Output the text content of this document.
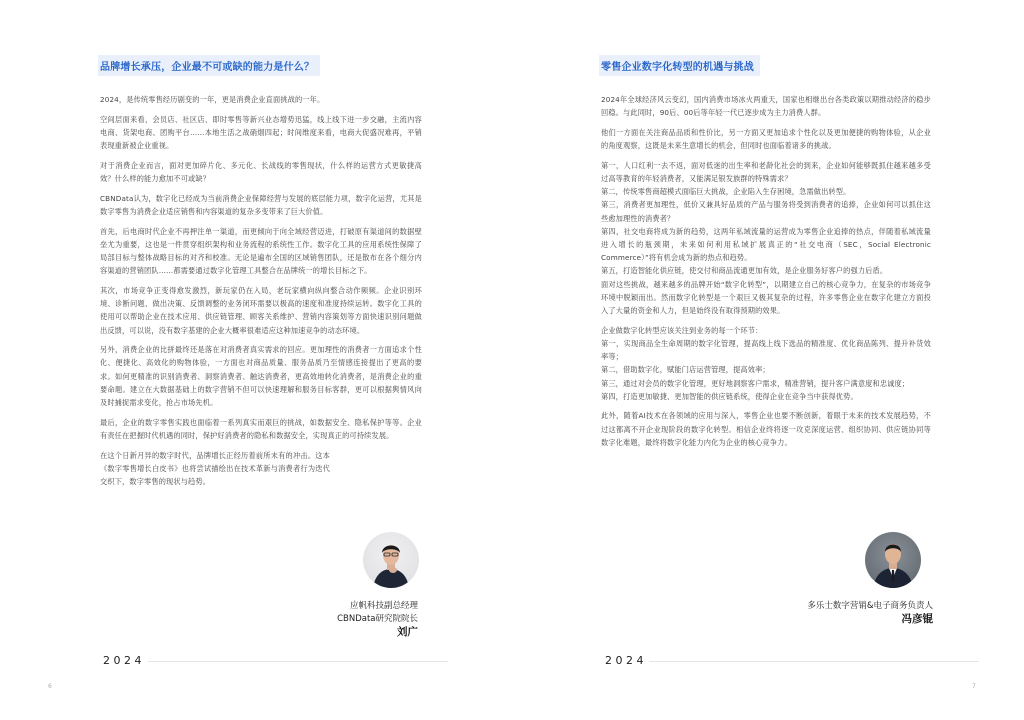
品牌增长承压，企业最不可或缺的能力是什么？

2024，是传统零售经历剧变的一年，更是消费企业直面挑战的一年。

空间层面来看，会员店、社区店、即时零售等新兴业态增势迅猛，线上线下进一步交融，主流内容电商、货架电商、团购平台……本地生活之战硝烟四起；时间维度来看，电商大促盛况难再，平销表现重新被企业重视。

对于消费企业而言，面对更加碎片化、多元化、长战线的零售现状，什么样的运营方式更敏捷高效？什么样的能力愈加不可或缺？

CBNData认为，数字化已经成为当前消费企业保障经营与发展的底层能力项，数字化运营，尤其是数字零售为消费企业适应销售和内容渠道的复杂多变带来了巨大价值。

首先，后电商时代企业不再押注单一渠道，而更倾向于向全域经营迈进，打破原有渠道间的数据壁垒尤为重要，这也是一件贯穿组织架构和业务流程的系统性工作。数字化工具的应用系统性保障了局部目标与整体战略目标的对齐和校准。无论是遍布全国的区域销售团队，还是散布在各个细分内容渠道的营销团队……都需要通过数字化管理工具整合在品牌统一的增长目标之下。

其次，市场竞争正变得愈发激烈，新玩家仍在入局，老玩家横向纵向整合动作频频。企业识别环境、诊断问题、做出决策、反馈调整的业务闭环需要以极高的速度和准度持续运转。数字化工具的使用可以帮助企业在技术应用、供应链管理、顾客关系维护、营销内容策划等方面快速识别问题做出反馈，可以说，没有数字基建的企业大概率很难适应这种加速竞争的动态环境。

另外，消费企业的比拼最终还是落在对消费者真实需求的回应。更加理性的消费者一方面追求个性化、便捷化、高效化的购物体验，一方面也对商品质量、服务品质乃至情感连接提出了更高的要求。如何更精准的识别消费者、洞察消费者、触达消费者，更高效地转化消费者，是消费企业的重要命题。建立在大数据基础上的数字营销不但可以快速理解和服务目标客群，更可以根据舆情风向及时捕捉需求变化，抢占市场先机。

最后，企业的数字零售实践也面临着一系列真实而艰巨的挑战，如数据安全、隐私保护等等。企业有责任在把握时代机遇的同时，保护好消费者的隐私和数据安全，实现真正的可持续发展。

在这个日新月异的数字时代，品牌增长正经历着前所未有的冲击。这本《数字零售增长白皮书》也将尝试描绘出在技术革新与消费者行为迭代交织下，数字零售的现状与趋势。

应帆科技副总经理
CBNData研究院院长
刘广
2024
6
零售企业数字化转型的机遇与挑战

2024年全球经济风云变幻，国内消费市场冰火两重天，国家也相继出台各类政策以期推动经济的稳步回稳。与此同时，90后、00后等年轻一代已逐步成为主力消费人群。

他们一方面在关注商品品质和性价比，另一方面又更加追求个性化以及更加便捷的购物体验，从企业的角度观察，这既是未来生意增长的机会，但同时也面临着诸多的挑战。

第一，人口红利一去不返，面对低迷的出生率和老龄化社会的到来，企业如何能够既抓住越来越多受过高等教育的年轻消费者，又能满足银发族群的特殊需求？

第二，传统零售商超模式面临巨大挑战，企业陷入生存困境，急需做出转型。

第三，消费者更加理性，低价又兼具好品质的产品与服务将受到消费者的追捧，企业如何可以抓住这些愈加理性的消费者？

第四，社交电商将成为新的趋势，这两年私域流量的运营成为零售企业追捧的热点，伴随着私域流量进入增长的瓶颈期，未来如何利用私域扩展真正的“社交电商（SEC，Social Electronic Commerce）”将有机会成为新的热点和趋势。

第五，打造智能化供应链，使交付和商品流通更加有效，是企业服务好客户的强力后盾。

面对这些挑战，越来越多的品牌开始“数字化转型”，以期建立自己的核心竞争力，在复杂的市场竞争环境中脱颖而出。然而数字化转型是一个艰巨又极其复杂的过程，许多零售企业在数字化建立方面投入了大量的资金和人力，但是始终没有取得预期的效果。

企业做数字化转型应该关注到业务的每一个环节：

第一，实现商品全生命周期的数字化管理，提高线上线下选品的精准度、优化商品陈列、提升补货效率等；

第二，借助数字化，赋能门店运营管理，提高效率；

第三，通过对会员的数字化管理，更好地洞察客户需求，精准营销，提升客户满意度和忠诚度；

第四，打造更加敏捷、更加智能的供应链系统，使得企业在竞争当中获得优势。

此外，随着AI技术在各领域的应用与深入，零售企业也要不断创新，着眼于未来的技术发展趋势，不过这都离不开企业现阶段的数字化转型。相信企业终将逐一攻克深度运营、组织协同、供应链协同等数字化难题，最终将数字化能力内化为企业的核心竞争力。

多乐士数字营销&电子商务负责人
冯彦锟
2024
7
